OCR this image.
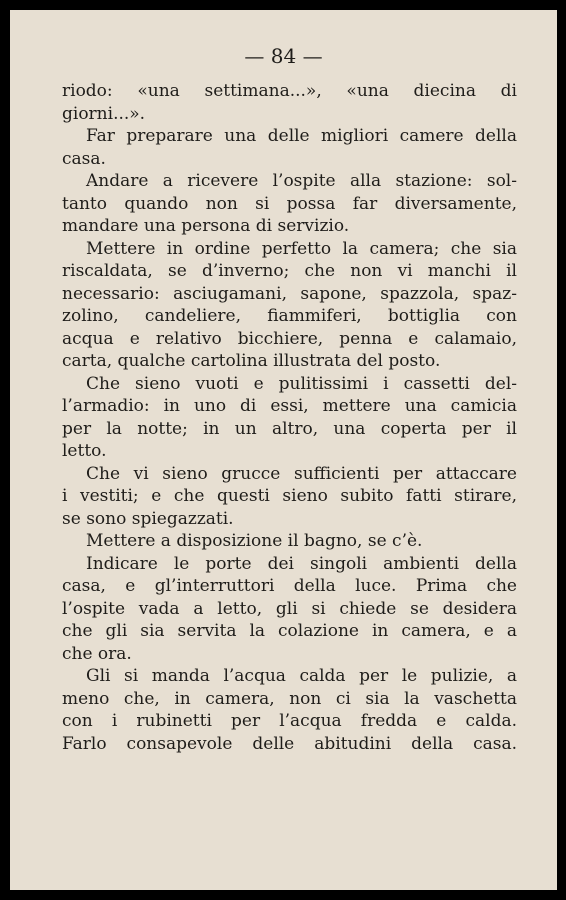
— 84 —
riodo: «una settimana...», «una diecina di
giorni...».
Far preparare una delle migliori camere della
casa.
Andare a ricevere l’ospite alla stazione: sol-
tanto quando non si possa far diversamente,
mandare una persona di servizio.
Mettere in ordine perfetto la camera; che sia
riscaldata, se d’inverno; che non vi manchi il
necessario: asciugamani, sapone, spazzola, spaz-
zolino, candeliere, fiammiferi, bottiglia con
acqua e relativo bicchiere, penna e calamaio,
carta, qualche cartolina illustrata del posto.
Che sieno vuoti e pulitissimi i cassetti del-
l’armadio: in uno di essi, mettere una camicia
per la notte; in un altro, una coperta per il
letto.
Che vi sieno grucce sufficienti per attaccare
i vestiti; e che questi sieno subito fatti stirare,
se sono spiegazzati.
Mettere a disposizione il bagno, se c’è.
Indicare le porte dei singoli ambienti della
casa, e gl’interruttori della luce. Prima che
l’ospite vada a letto, gli si chiede se desidera
che gli sia servita la colazione in camera, e a
che ora.
Gli si manda l’acqua calda per le pulizie, a
meno che, in camera, non ci sia la vaschetta
con i rubinetti per l’acqua fredda e calda.
Farlo consapevole delle abitudini della casa.
